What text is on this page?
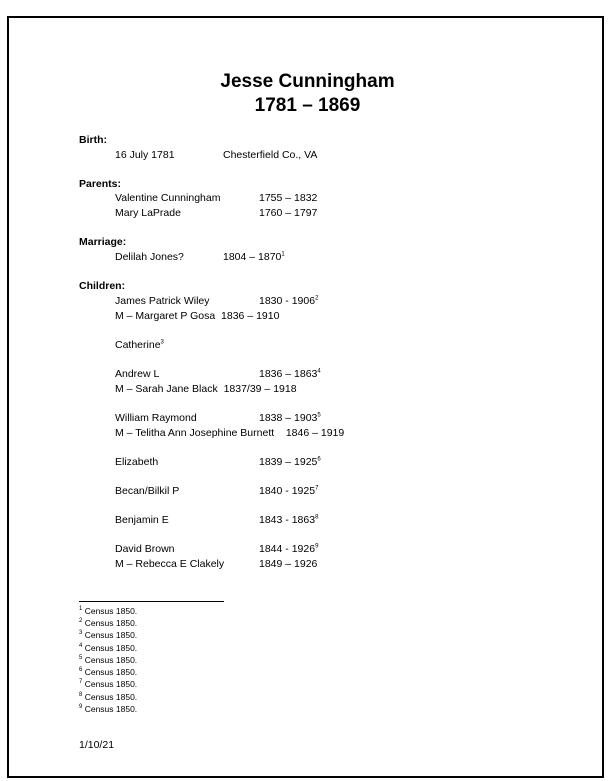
Jesse Cunningham
1781 – 1869
Birth:
16 July 1781	Chesterfield Co., VA
Parents:
Valentine Cunningham	1755 – 1832
Mary LaPrade	1760 – 1797
Marriage:
Delilah Jones?	1804 – 1870$^1$
Children:
James Patrick Wiley	1830 - 1906$^2$
M – Margaret P Gosa 1836 – 1910
Catherine$^3$
Andrew L	1836 – 1863$^4$
M – Sarah Jane Black 1837/39 – 1918
William Raymond	1838 – 1903$^5$
M – Telitha Ann Josephine Burnett 1846 – 1919
Elizabeth	1839 – 1925$^6$
Becan/Bilkil P	1840 - 1925$^7$
Benjamin E	1843 - 1863$^8$
David Brown	1844 - 1926$^9$
M – Rebecca E Clakely	1849 – 1926
$^1$ Census 1850.
$^2$ Census 1850.
$^3$ Census 1850.
$^4$ Census 1850.
$^5$ Census 1850.
$^6$ Census 1850.
$^7$ Census 1850.
$^8$ Census 1850.
$^9$ Census 1850.
1/10/21
